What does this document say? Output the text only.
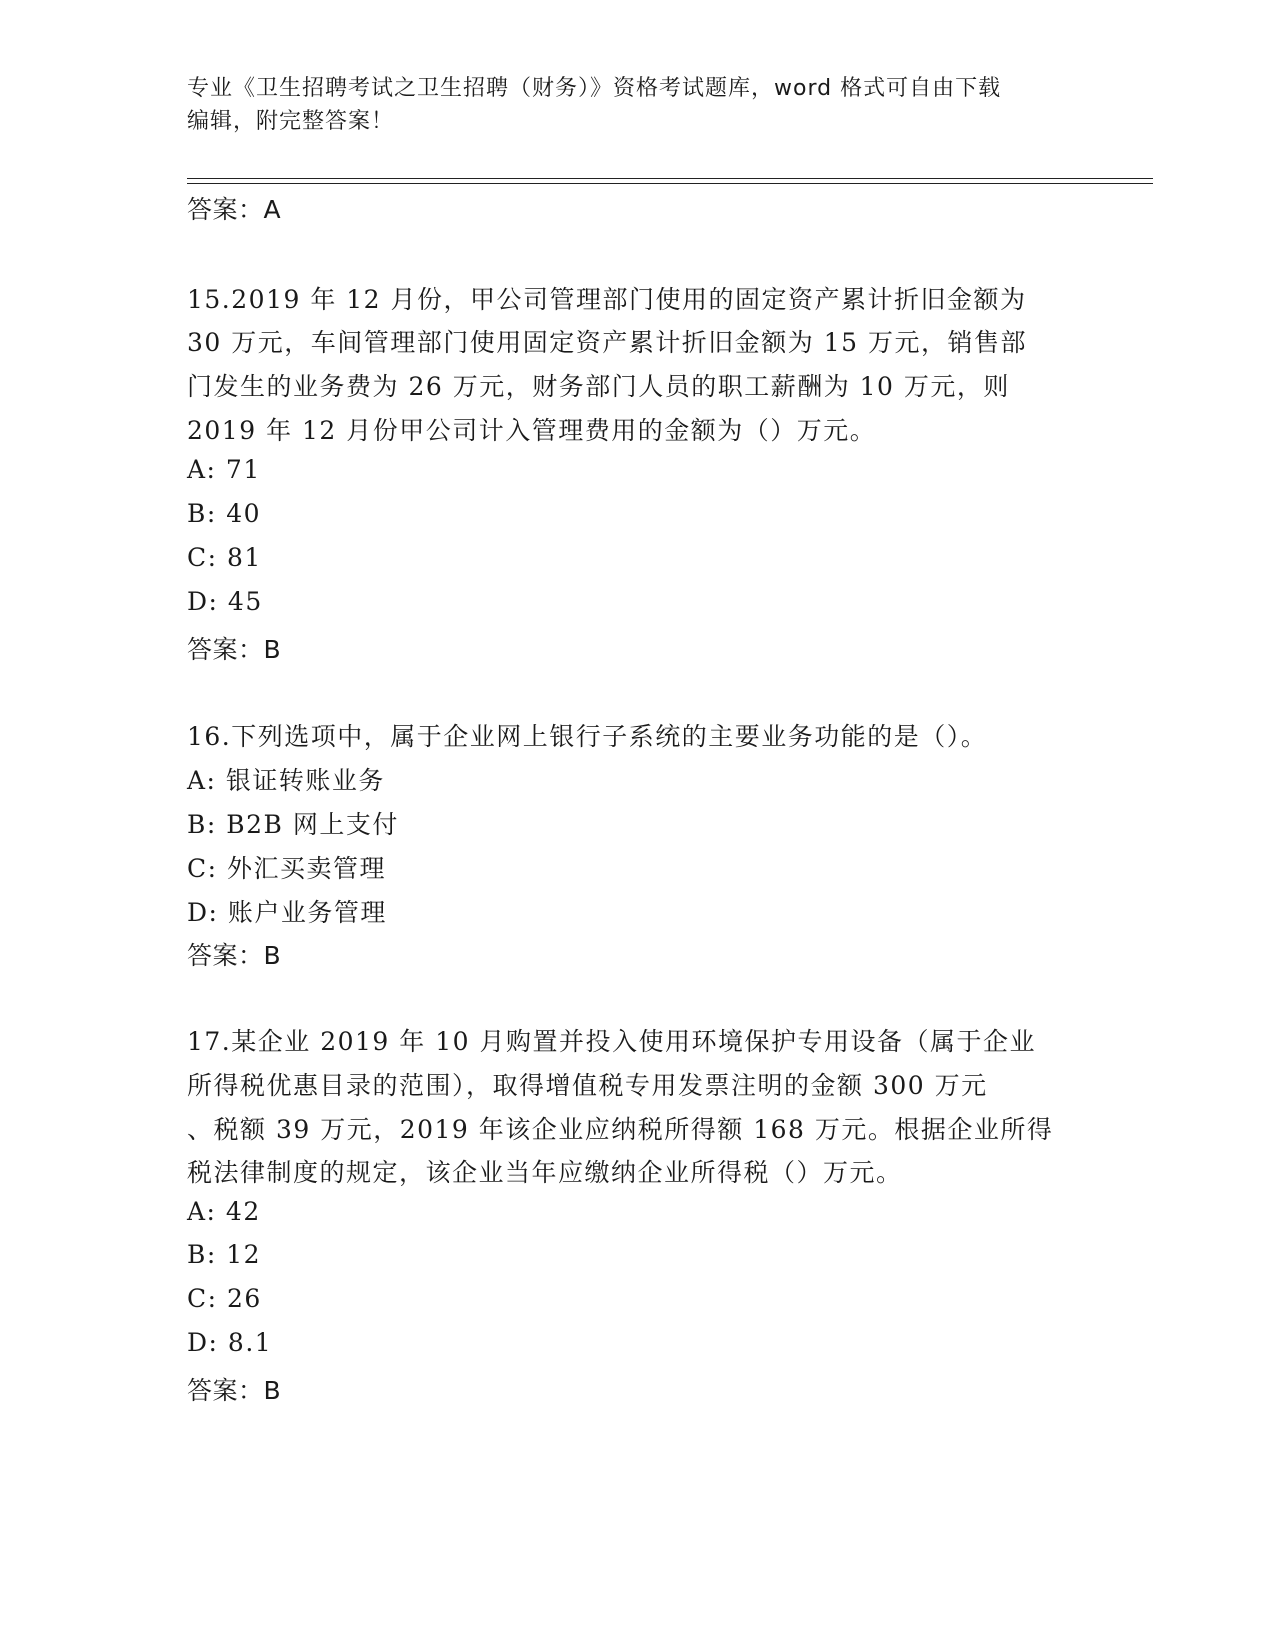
专业《卫生招聘考试之卫生招聘（财务）》资格考试题库，word 格式可自由下载
编辑，附完整答案！
答案：A
15.2019 年 12 月份，甲公司管理部门使用的固定资产累计折旧金额为
30 万元，车间管理部门使用固定资产累计折旧金额为 15 万元，销售部
门发生的业务费为 26 万元，财务部门人员的职工薪酬为 10 万元，则
2019 年 12 月份甲公司计入管理费用的金额为（）万元。
A: 71
B: 40
C: 81
D: 45
答案：B
16.下列选项中，属于企业网上银行子系统的主要业务功能的是（）。
A: 银证转账业务
B: B2B 网上支付
C: 外汇买卖管理
D: 账户业务管理
答案：B
17.某企业 2019 年 10 月购置并投入使用环境保护专用设备（属于企业
所得税优惠目录的范围），取得增值税专用发票注明的金额 300 万元
、税额 39 万元，2019 年该企业应纳税所得额 168 万元。根据企业所得
税法律制度的规定，该企业当年应缴纳企业所得税（）万元。
A: 42
B: 12
C: 26
D: 8.1
答案：B
